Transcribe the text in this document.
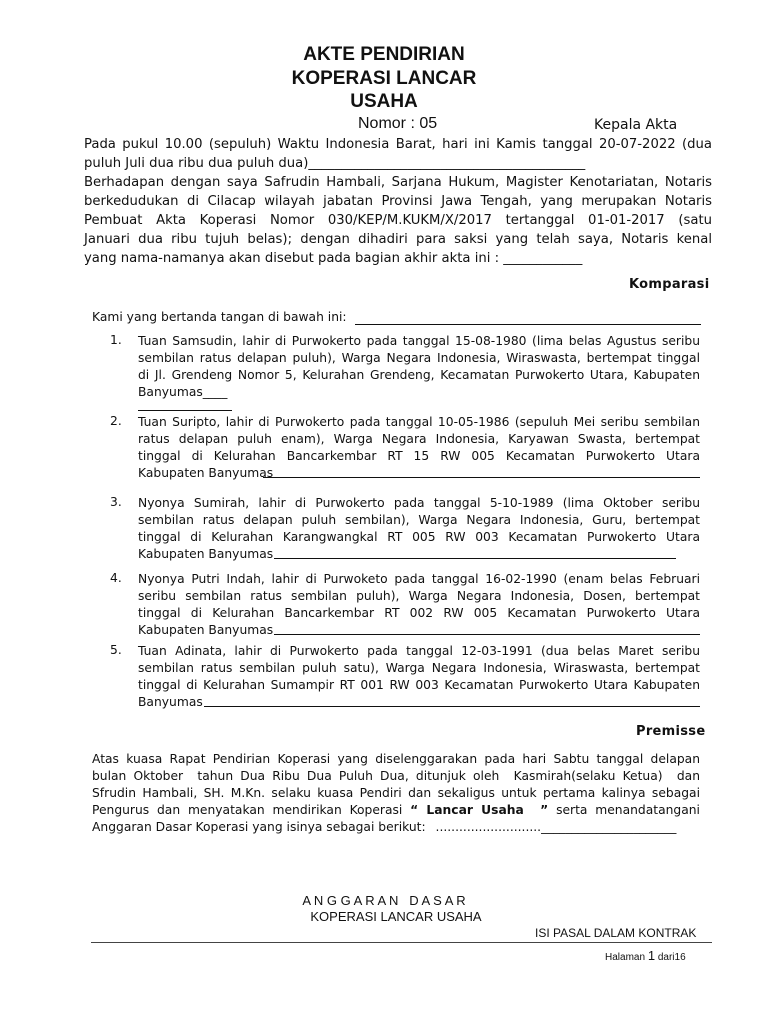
AKTE PENDIRIAN
KOPERASI LANCAR
USAHA
Nomor : 05	Kepala Akta
Pada pukul 10.00 (sepuluh) Waktu Indonesia Barat, hari ini Kamis tanggal 20-07-2022 (dua
puluh Juli dua ribu dua puluh dua)__________________________________________
Berhadapan dengan saya Safrudin Hambali, Sarjana Hukum, Magister Kenotariatan, Notaris
berkedudukan di Cilacap wilayah jabatan Provinsi Jawa Tengah, yang merupakan Notaris
Pembuat Akta Koperasi Nomor 030/KEP/M.KUKM/X/2017 tertanggal 01-01-2017 (satu
Januari dua ribu tujuh belas); dengan dihadiri para saksi yang telah saya, Notaris kenal
yang nama-namanya akan disebut pada bagian akhir akta ini : ____________
Komparasi
Kami yang bertanda tangan di bawah ini:
1. Tuan Samsudin, lahir di Purwokerto pada tanggal 15-08-1980 (lima belas Agustus seribu
sembilan ratus delapan puluh), Warga Negara Indonesia, Wiraswasta, bertempat tinggal
di Jl. Grendeng Nomor 5, Kelurahan Grendeng, Kecamatan Purwokerto Utara, Kabupaten
Banyumas____
2. Tuan Suripto, lahir di Purwokerto pada tanggal 10-05-1986 (sepuluh Mei seribu sembilan
ratus delapan puluh enam), Warga Negara Indonesia, Karyawan Swasta, bertempat
tinggal di Kelurahan Bancarkembar RT 15 RW 005 Kecamatan Purwokerto Utara
Kabupaten Banyumas
3. Nyonya Sumirah, lahir di Purwokerto pada tanggal 5-10-1989 (lima Oktober seribu
sembilan ratus delapan puluh sembilan), Warga Negara Indonesia, Guru, bertempat
tinggal di Kelurahan Karangwangkal RT 005 RW 003 Kecamatan Purwokerto Utara
Kabupaten Banyumas
4. Nyonya Putri Indah, lahir di Purwoketo pada tanggal 16-02-1990 (enam belas Februari
seribu sembilan ratus sembilan puluh), Warga Negara Indonesia, Dosen, bertempat
tinggal di Kelurahan Bancarkembar RT 002 RW 005 Kecamatan Purwokerto Utara
Kabupaten Banyumas
5. Tuan Adinata, lahir di Purwokerto pada tanggal 12-03-1991 (dua belas Maret seribu
sembilan ratus sembilan puluh satu), Warga Negara Indonesia, Wiraswasta, bertempat
tinggal di Kelurahan Sumampir RT 001 RW 003 Kecamatan Purwokerto Utara Kabupaten
Banyumas
Premisse
Atas kuasa Rapat Pendirian Koperasi yang diselenggarakan pada hari Sabtu tanggal delapan
bulan Oktober  tahun Dua Ribu Dua Puluh Dua, ditunjuk oleh  Kasmirah(selaku Ketua)  dan
Sfrudin Hambali, SH. M.Kn. selaku kuasa Pendiri dan sekaligus untuk pertama kalinya sebagai
Pengurus dan menyatakan mendirikan Koperasi “ Lancar Usaha  ” serta menandatangani
Anggaran Dasar Koperasi yang isinya sebagai berikut: ...........................______________________
A N G G A R A N   D A S A R
KOPERASI LANCAR USAHA
ISI PASAL DALAM KONTRAK
Halaman 1 dari16
